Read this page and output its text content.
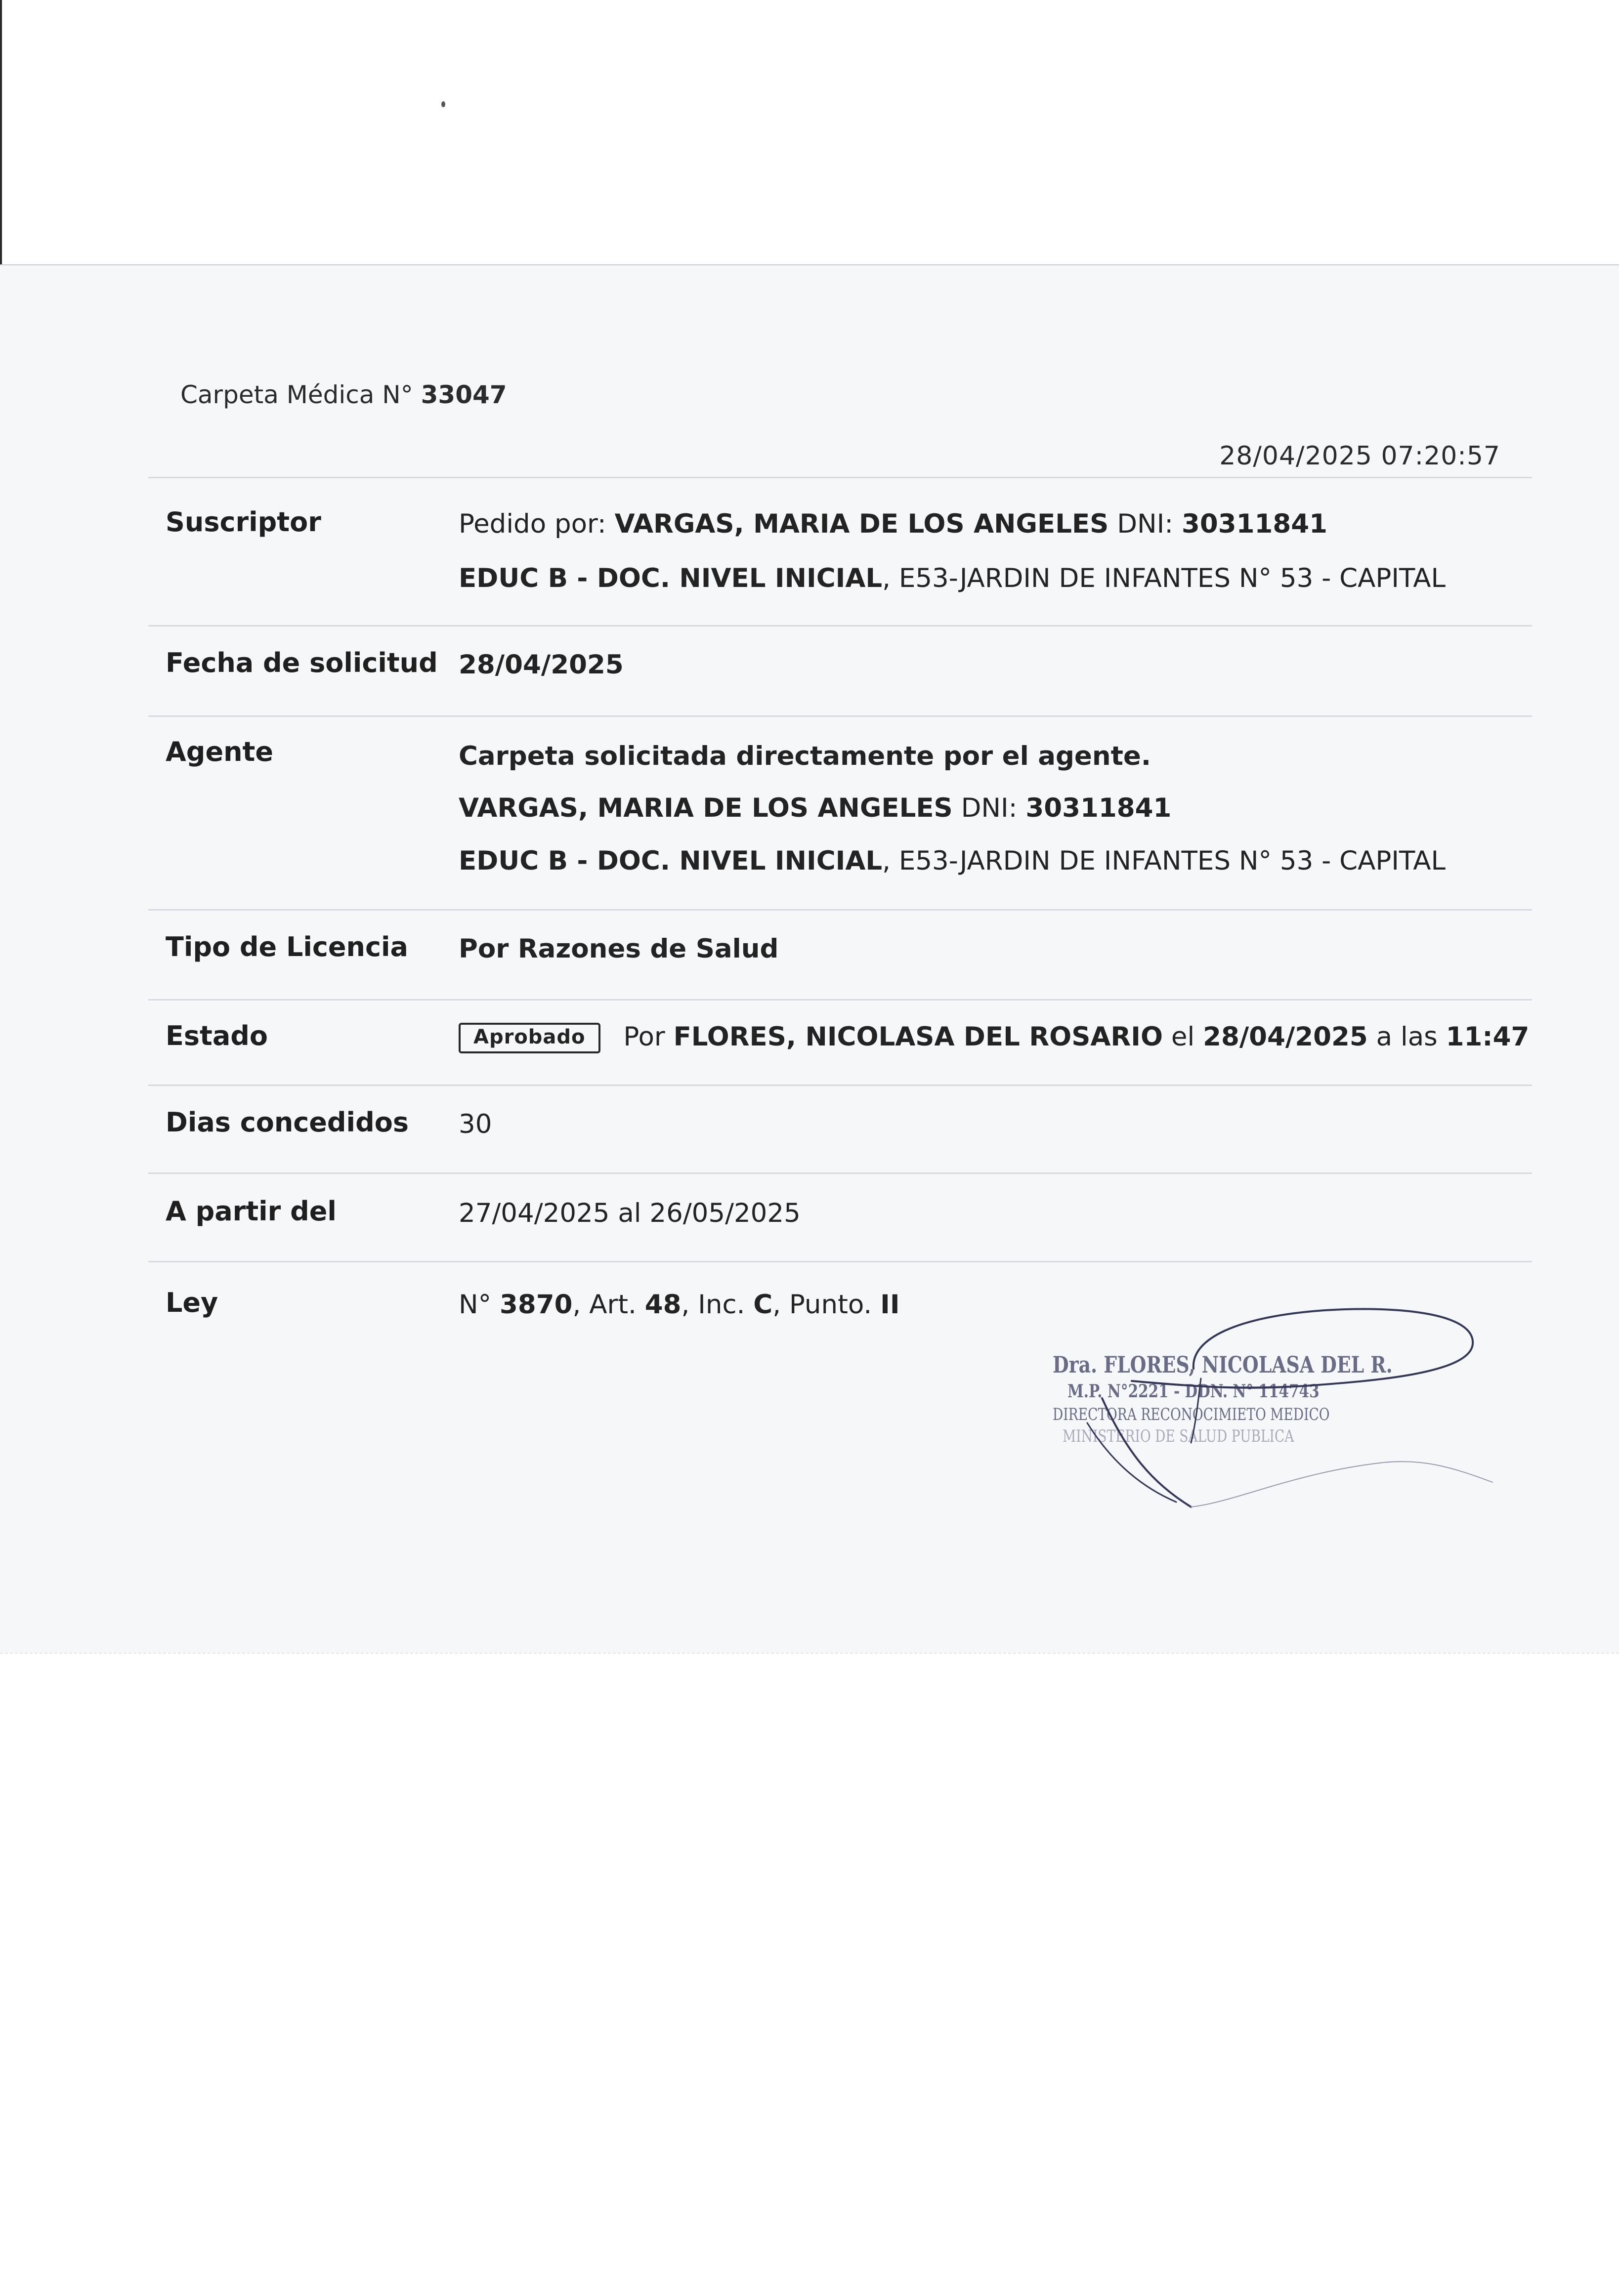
Carpeta Médica N° 33047
28/04/2025 07:20:57
Suscriptor	Pedido por: VARGAS, MARIA DE LOS ANGELES DNI: 30311841
EDUC B - DOC. NIVEL INICIAL, E53-JARDIN DE INFANTES N° 53 - CAPITAL
Fecha de solicitud 28/04/2025
Agente	Carpeta solicitada directamente por el agente.
VARGAS, MARIA DE LOS ANGELES DNI: 30311841
EDUC B - DOC. NIVEL INICIAL, E53-JARDIN DE INFANTES N° 53 - CAPITAL
Tipo de Licencia Por Razones de Salud
Estado	Aprobado Por FLORES, NICOLASA DEL ROSARIO el 28/04/2025 a las 11:47
Dias concedidos 30
A partir del	27/04/2025 al 26/05/2025
Ley	N° 3870, Art. 48, Inc. C, Punto. II
Dra. FLORES, NICOLASA DEL R.
M.P. N°2221 - DDN. N° 114743
DIRECTORA RECONOCIMIETO MEDICO
MINISTERIO DE SALUD PUBLICA
